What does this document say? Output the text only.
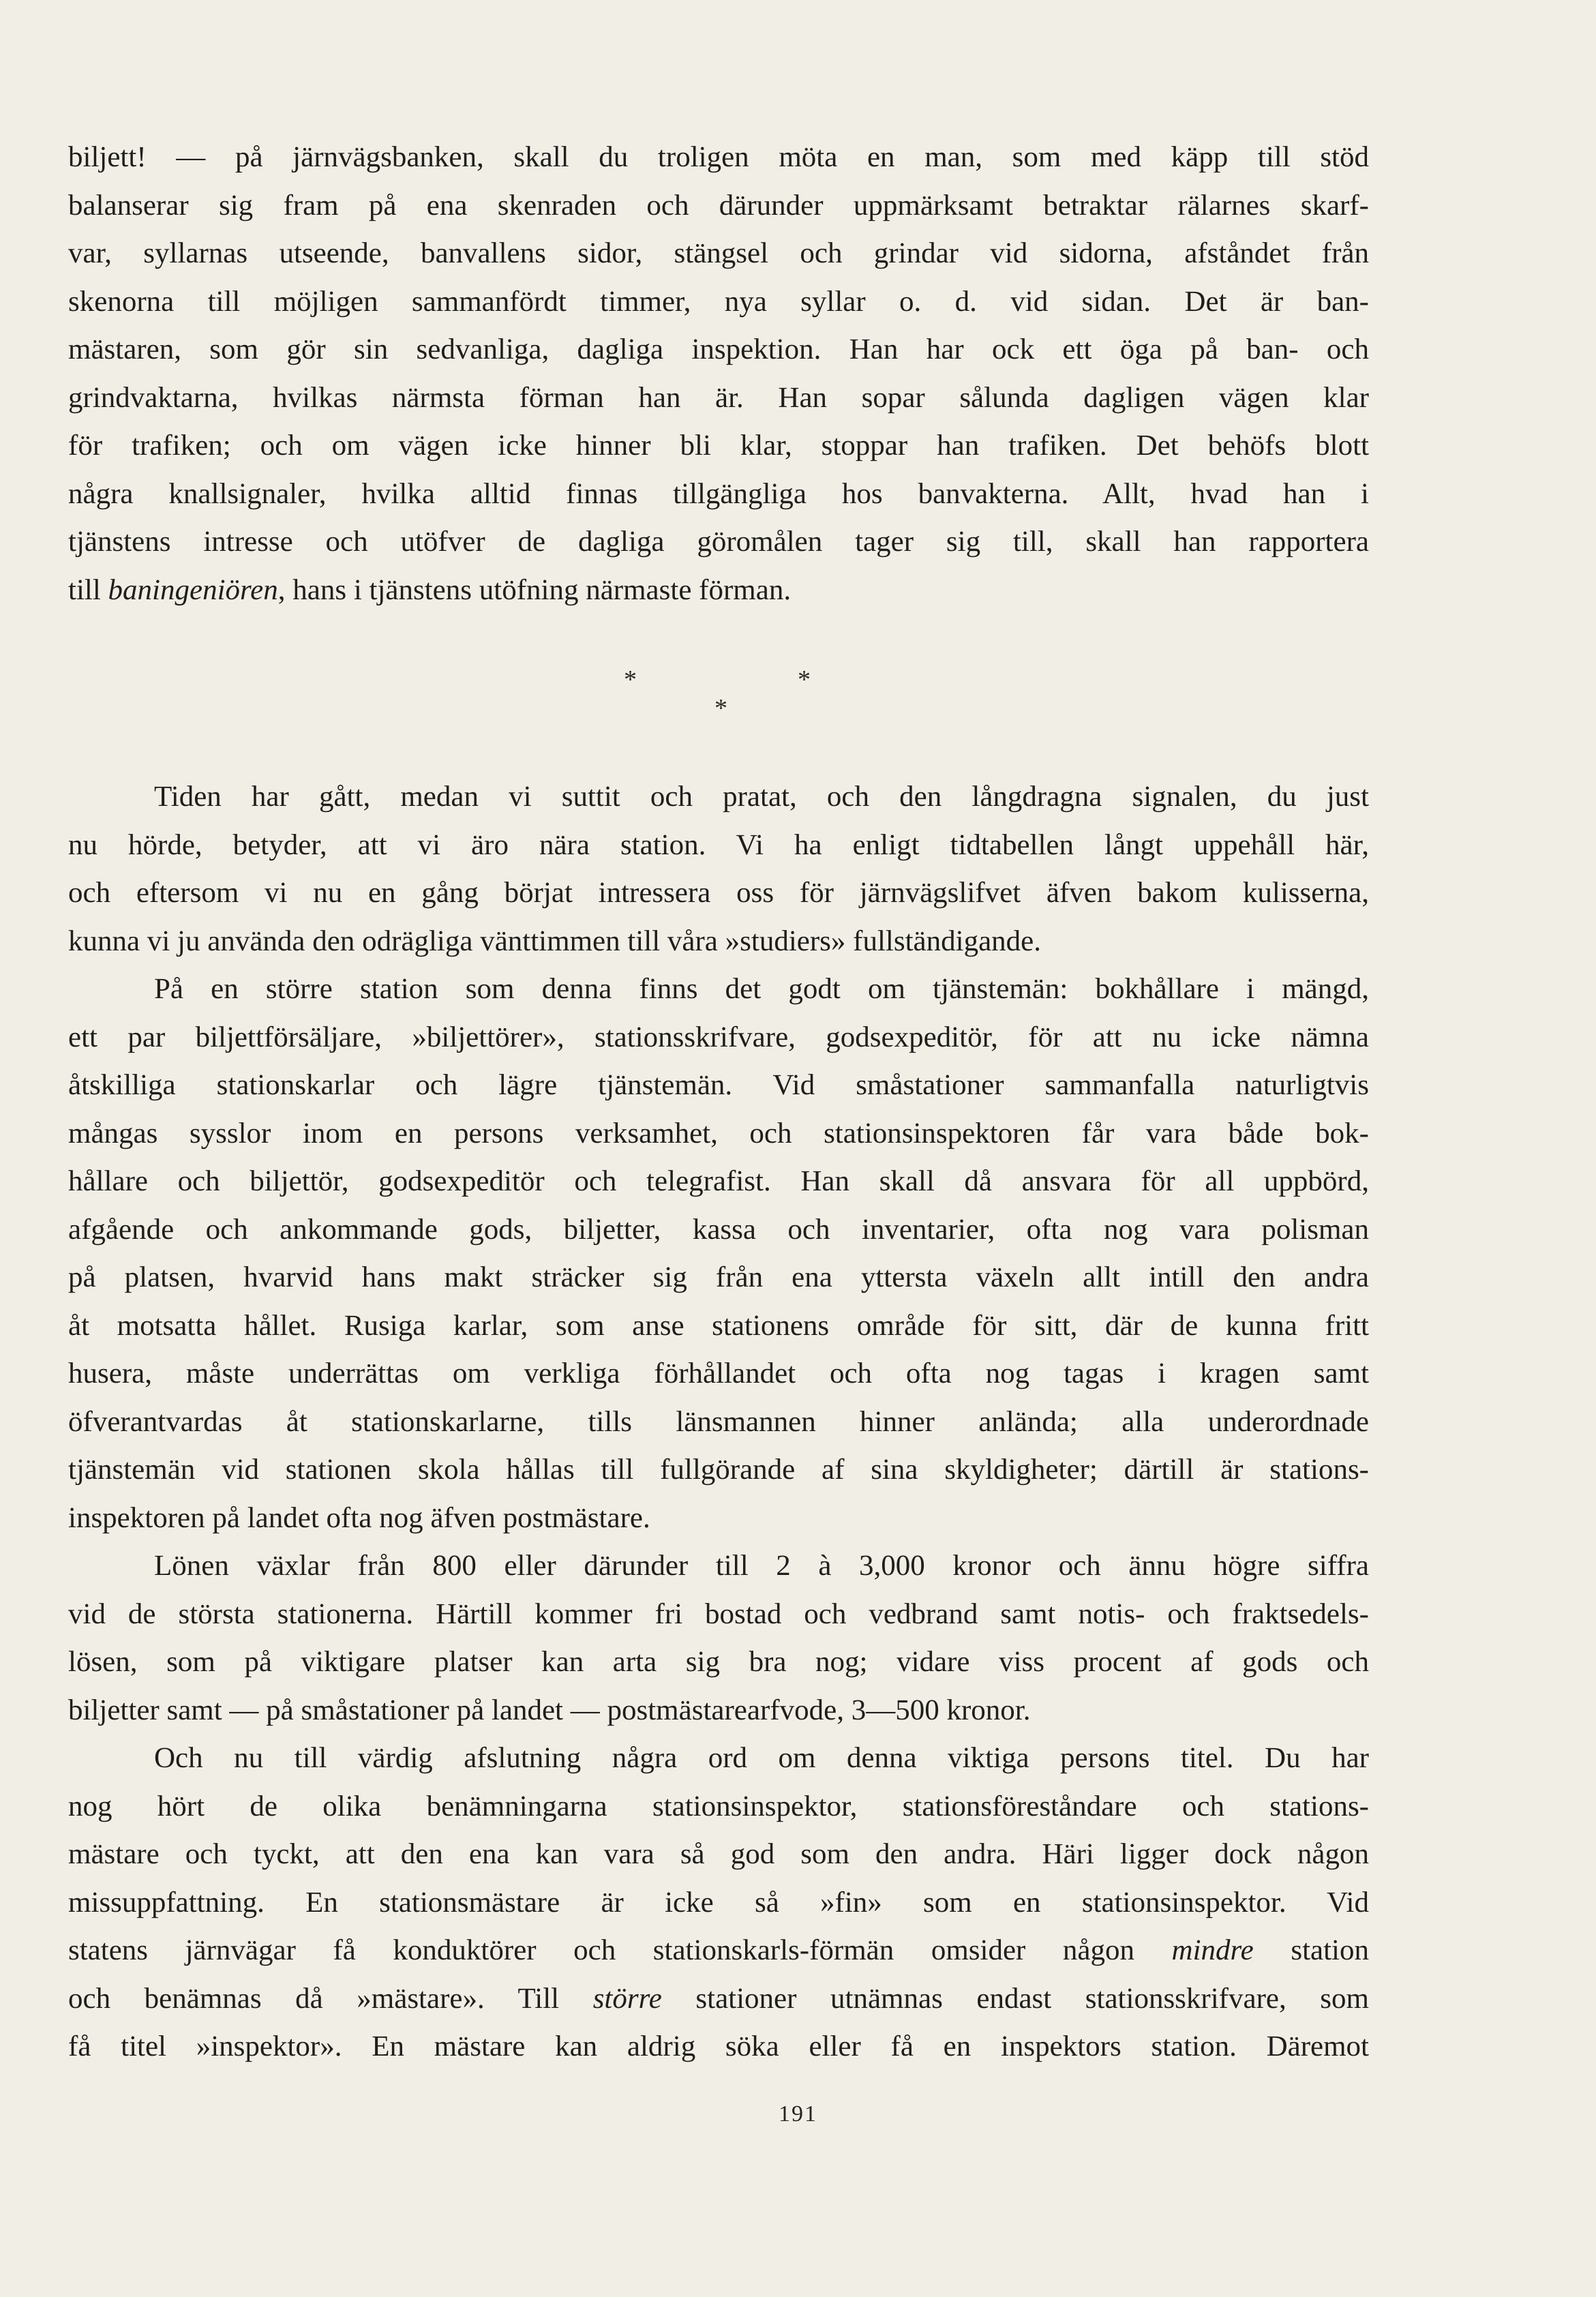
biljett! — på järnvägsbanken, skall du troligen möta en man, som med käpp till stöd
balanserar sig fram på ena skenraden och därunder uppmärksamt betraktar rälarnes skarf-
var, syllarnas utseende, banvallens sidor, stängsel och grindar vid sidorna, afståndet från
skenorna till möjligen sammanfördt timmer, nya syllar o. d. vid sidan. Det är ban-
mästaren, som gör sin sedvanliga, dagliga inspektion. Han har ock ett öga på ban- och
grindvaktarna, hvilkas närmsta förman han är. Han sopar sålunda dagligen vägen klar
för trafiken; och om vägen icke hinner bli klar, stoppar han trafiken. Det behöfs blott
några knallsignaler, hvilka alltid finnas tillgängliga hos banvakterna. Allt, hvad han i
tjänstens intresse och utöfver de dagliga göromålen tager sig till, skall han rapportera
till baningeniören, hans i tjänstens utöfning närmaste förman.

*	*
*

Tiden har gått, medan vi suttit och pratat, och den långdragna signalen, du just
nu hörde, betyder, att vi äro nära station. Vi ha enligt tidtabellen långt uppehåll här,
och eftersom vi nu en gång börjat intressera oss för järnvägslifvet äfven bakom kulisserna,
kunna vi ju använda den odrägliga vänttimmen till våra »studiers» fullständigande.

På en större station som denna finns det godt om tjänstemän: bokhållare i mängd,
ett par biljettförsäljare, »biljettörer», stationsskrifvare, godsexpeditör, för att nu icke nämna
åtskilliga stationskarlar och lägre tjänstemän. Vid småstationer sammanfalla naturligtvis
mångas sysslor inom en persons verksamhet, och stationsinspektoren får vara både bok-
hållare och biljettör, godsexpeditör och telegrafist. Han skall då ansvara för all uppbörd,
afgående och ankommande gods, biljetter, kassa och inventarier, ofta nog vara polisman
på platsen, hvarvid hans makt sträcker sig från ena yttersta växeln allt intill den andra
åt motsatta hållet. Rusiga karlar, som anse stationens område för sitt, där de kunna fritt
husera, måste underrättas om verkliga förhållandet och ofta nog tagas i kragen samt
öfverantvardas åt stationskarlarne, tills länsmannen hinner anlända; alla underordnade
tjänstemän vid stationen skola hållas till fullgörande af sina skyldigheter; därtill är stations-
inspektoren på landet ofta nog äfven postmästare.

Lönen växlar från 800 eller därunder till 2 à 3,000 kronor och ännu högre siffra
vid de största stationerna. Härtill kommer fri bostad och vedbrand samt notis- och fraktsedels-
lösen, som på viktigare platser kan arta sig bra nog; vidare viss procent af gods och
biljetter samt — på småstationer på landet — postmästarearfvode, 3—500 kronor.

Och nu till värdig afslutning några ord om denna viktiga persons titel. Du har
nog hört de olika benämningarna stationsinspektor, stationsföreståndare och stations-
mästare och tyckt, att den ena kan vara så god som den andra. Häri ligger dock någon
missuppfattning. En stationsmästare är icke så »fin» som en stationsinspektor. Vid
statens järnvägar få konduktörer och stationskarls-förmän omsider någon mindre station
och benämnas då »mästare». Till större stationer utnämnas endast stationsskrifvare, som
få titel »inspektor». En mästare kan aldrig söka eller få en inspektors station. Däremot

191
